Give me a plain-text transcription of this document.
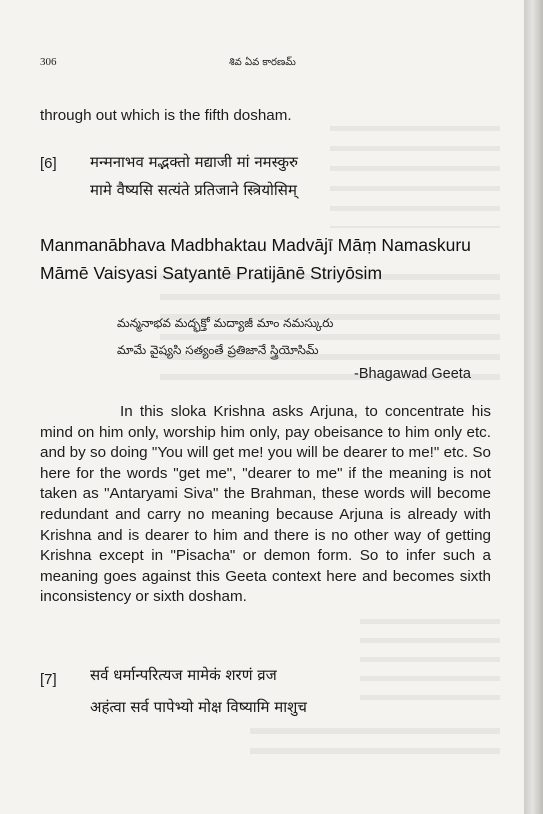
306	శివ ఏవ కారణమ్
through out which is the fifth dosham.
[6] मन्मनाभव मद्भक्तो मद्याजी मां नमस्कुरु
मामे वैष्यसि सत्यंते प्रतिजाने स्त्रियोसिम्
Manmanābhava Madbhaktau Madvājī Māṃ Namaskuru
Māmē Vaisyasi Satyantē Pratijānē Striyōsim
మన్మనాభవ మద్భక్తో మద్యాజీ మాం నమస్కురు
మామే వైష్యసి సత్యంతే ప్రతిజానే స్త్రియోసిమ్
-Bhagawad Geeta

In this sloka Krishna asks Arjuna, to concentrate his mind on him only, worship him only, pay obeisance to him only etc. and by so doing "You will get me! you will be dearer to me!" etc. So here for the words "get me", "dearer to me" if the meaning is not taken as "Antaryami Siva" the Brahman, these words will become redundant and carry no meaning because Arjuna is already with Krishna and is dearer to him and there is no other way of getting Krishna except in "Pisacha" or demon form. So to infer such a meaning goes against this Geeta context here and becomes sixth inconsistency or sixth dosham.

[7] सर्व धर्मान्परित्यज मामेकं शरणं व्रज
अहंत्वा सर्व पापेभ्यो मोक्ष विष्यामि माशुच
